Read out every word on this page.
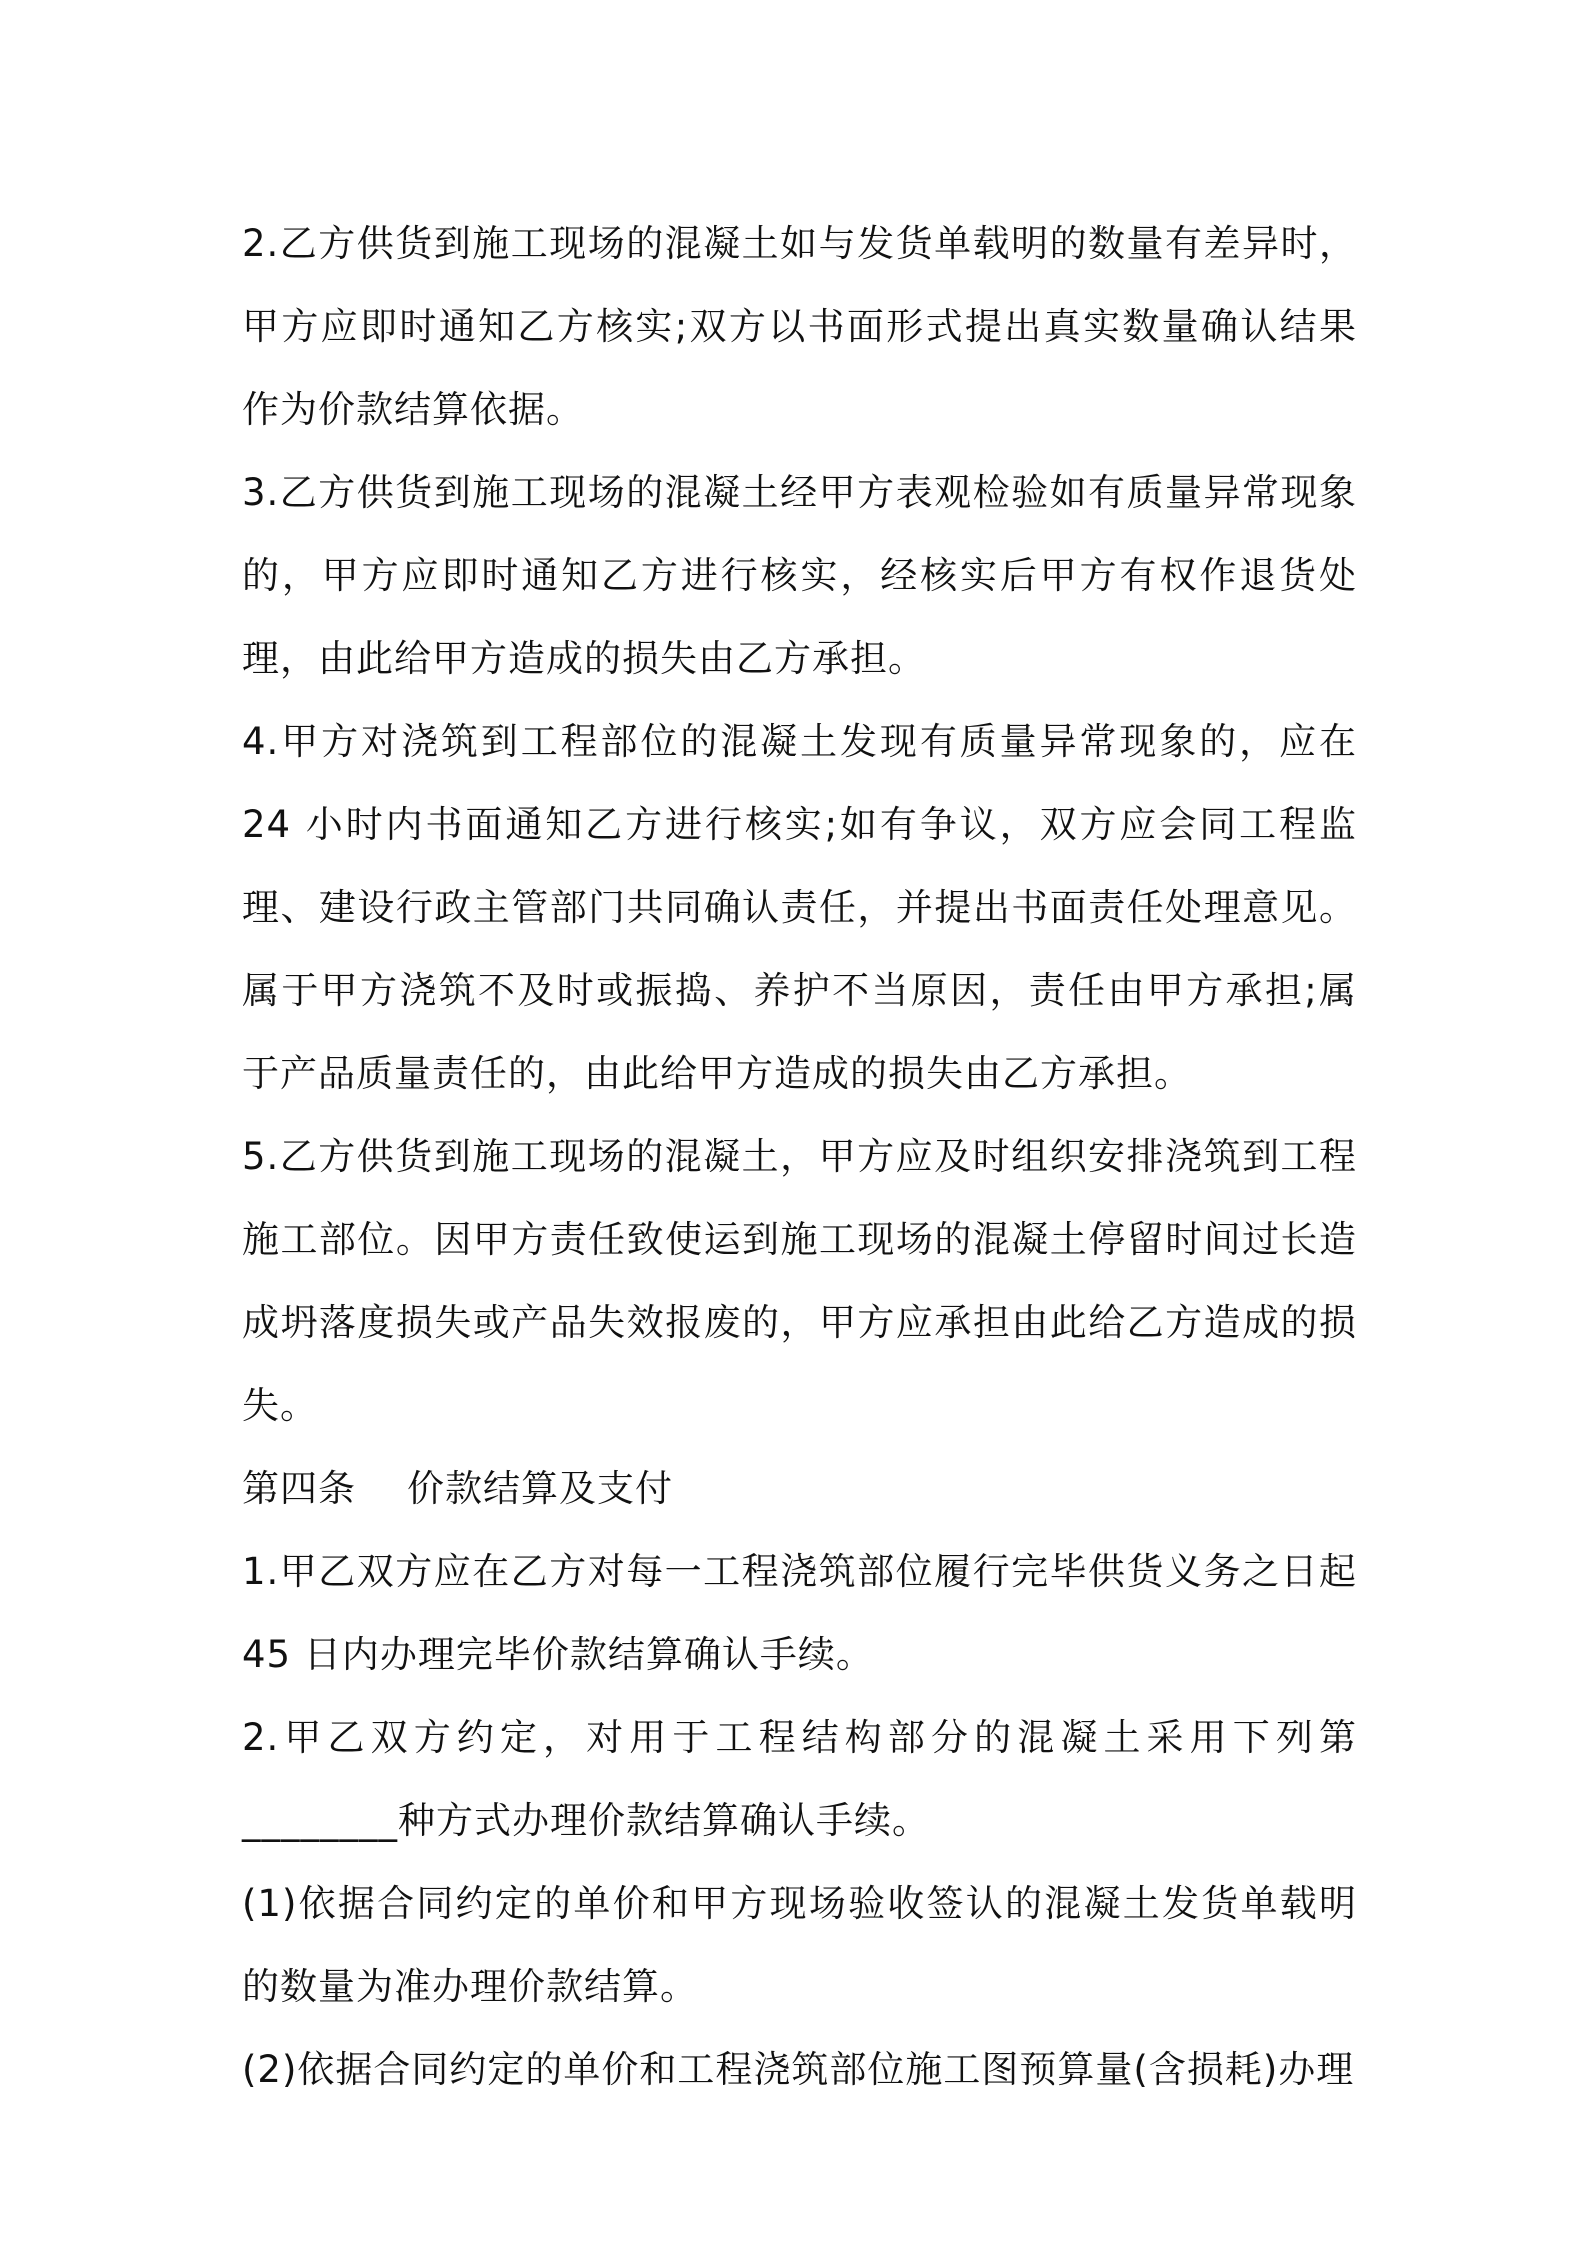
2.乙方供货到施工现场的混凝土如与发货单载明的数量有差异时，甲方应即时通知乙方核实;双方以书面形式提出真实数量确认结果作为价款结算依据。

3.乙方供货到施工现场的混凝土经甲方表观检验如有质量异常现象的，甲方应即时通知乙方进行核实，经核实后甲方有权作退货处理，由此给甲方造成的损失由乙方承担。

4.甲方对浇筑到工程部位的混凝土发现有质量异常现象的，应在 24 小时内书面通知乙方进行核实;如有争议，双方应会同工程监理、建设行政主管部门共同确认责任，并提出书面责任处理意见。属于甲方浇筑不及时或振捣、养护不当原因，责任由甲方承担;属于产品质量责任的，由此给甲方造成的损失由乙方承担。

5.乙方供货到施工现场的混凝土，甲方应及时组织安排浇筑到工程施工部位。因甲方责任致使运到施工现场的混凝土停留时间过长造成坍落度损失或产品失效报废的，甲方应承担由此给乙方造成的损失。

第四条    价款结算及支付

1.甲乙双方应在乙方对每一工程浇筑部位履行完毕供货义务之日起 45 日内办理完毕价款结算确认手续。

2.甲乙双方约定，对用于工程结构部分的混凝土采用下列第________种方式办理价款结算确认手续。

(1)依据合同约定的单价和甲方现场验收签认的混凝土发货单载明的数量为准办理价款结算。

(2)依据合同约定的单价和工程浇筑部位施工图预算量(含损耗)办理
